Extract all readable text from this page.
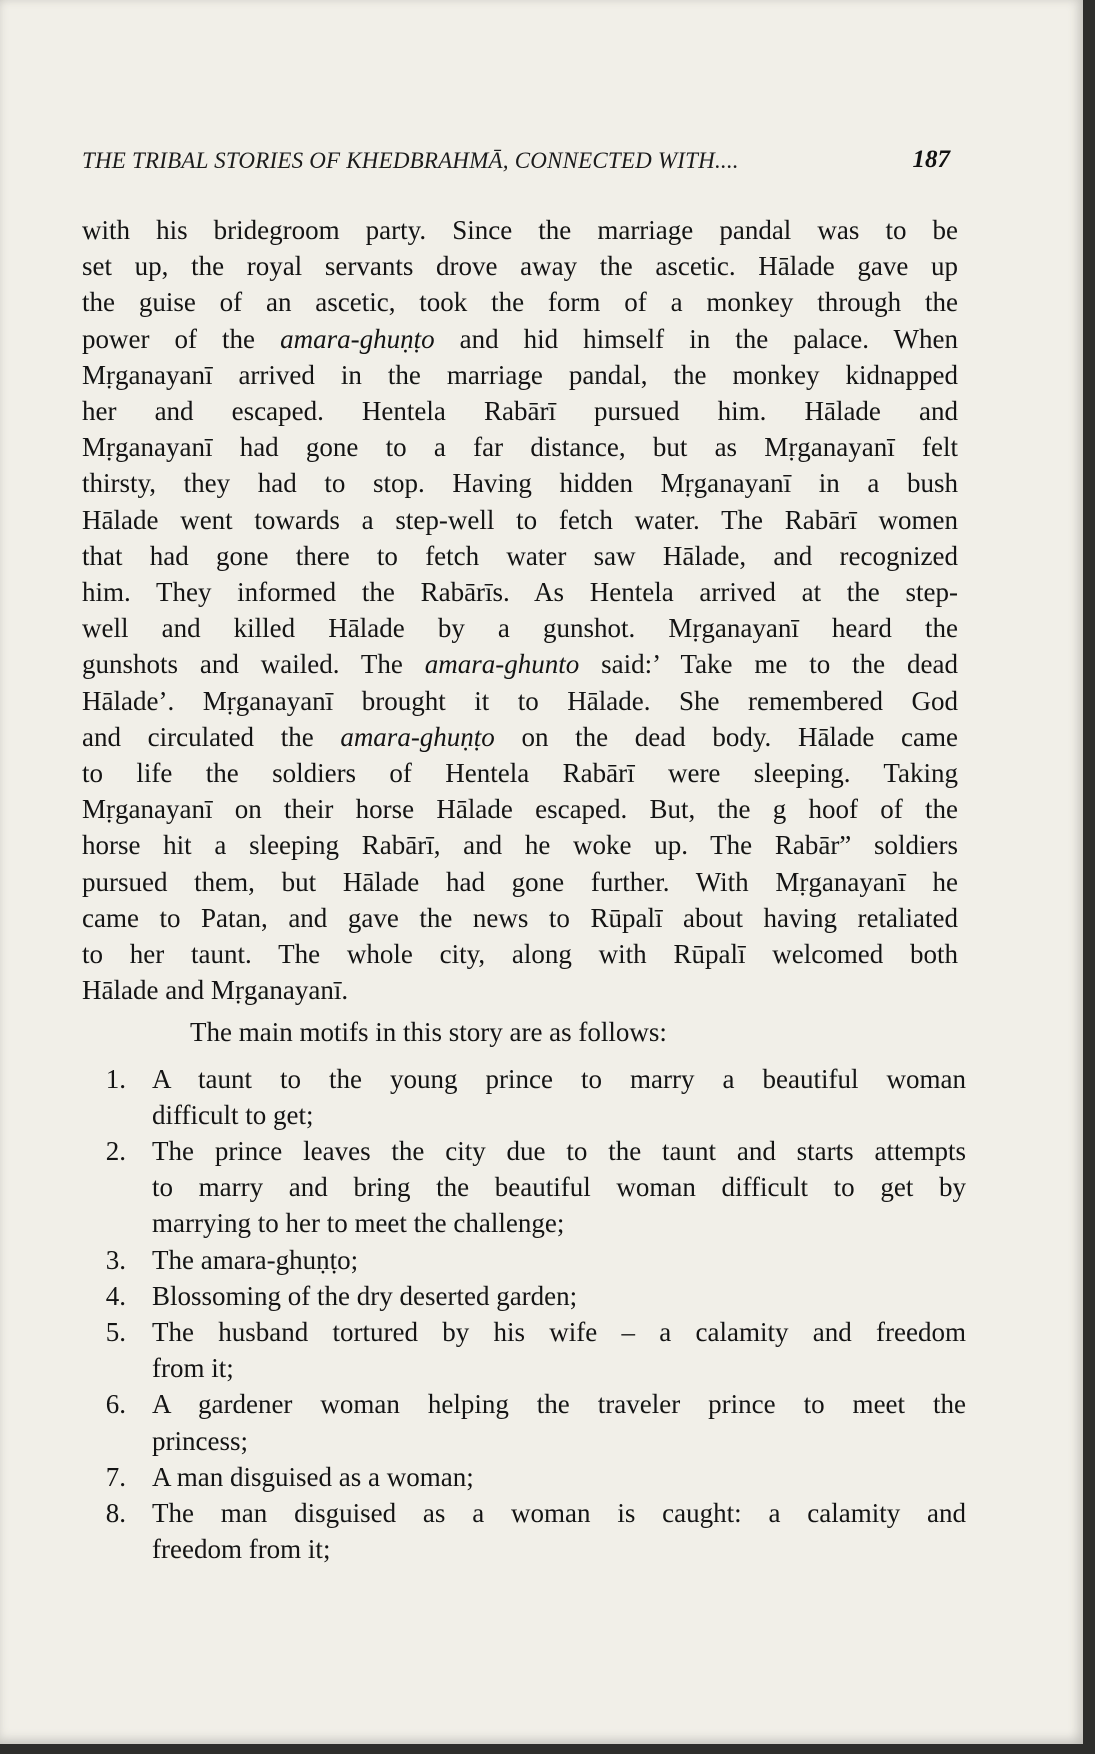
THE TRIBAL STORIES OF KHEDBRAHMĀ, CONNECTED WITH....	187
with his bridegroom party. Since the marriage pandal was to be
set up, the royal servants drove away the ascetic. Hālade gave up
the guise of an ascetic, took the form of a monkey through the
power of the amara-ghuṇṭo and hid himself in the palace. When
Mṛganayanī arrived in the marriage pandal, the monkey kidnapped
her and escaped. Hentela Rabārī pursued him. Hālade and
Mṛganayanī had gone to a far distance, but as Mṛganayanī felt
thirsty, they had to stop. Having hidden Mṛganayanī in a bush
Hālade went towards a step-well to fetch water. The Rabārī women
that had gone there to fetch water saw Hālade, and recognized
him. They informed the Rabārīs. As Hentela arrived at the step-
well and killed Hālade by a gunshot. Mṛganayanī heard the
gunshots and wailed. The amara-ghunto said:’ Take me to the dead
Hālade’. Mṛganayanī brought it to Hālade. She remembered God
and circulated the amara-ghuṇṭo on the dead body. Hālade came
to life the soldiers of Hentela Rabārī were sleeping. Taking
Mṛganayanī on their horse Hālade escaped. But, the g hoof of the
horse hit a sleeping Rabārī, and he woke up. The Rabār” soldiers
pursued them, but Hālade had gone further. With Mṛganayanī he
came to Patan, and gave the news to Rūpalī about having retaliated
to her taunt. The whole city, along with Rūpalī welcomed both
Hālade and Mṛganayanī.
The main motifs in this story are as follows:
1. A taunt to the young prince to marry a beautiful woman
difficult to get;
2. The prince leaves the city due to the taunt and starts attempts
to marry and bring the beautiful woman difficult to get by
marrying to her to meet the challenge;
3. The amara-ghuṇṭo;
4. Blossoming of the dry deserted garden;
5. The husband tortured by his wife – a calamity and freedom
from it;
6. A gardener woman helping the traveler prince to meet the
princess;
7. A man disguised as a woman;
8. The man disguised as a woman is caught: a calamity and
freedom from it;
